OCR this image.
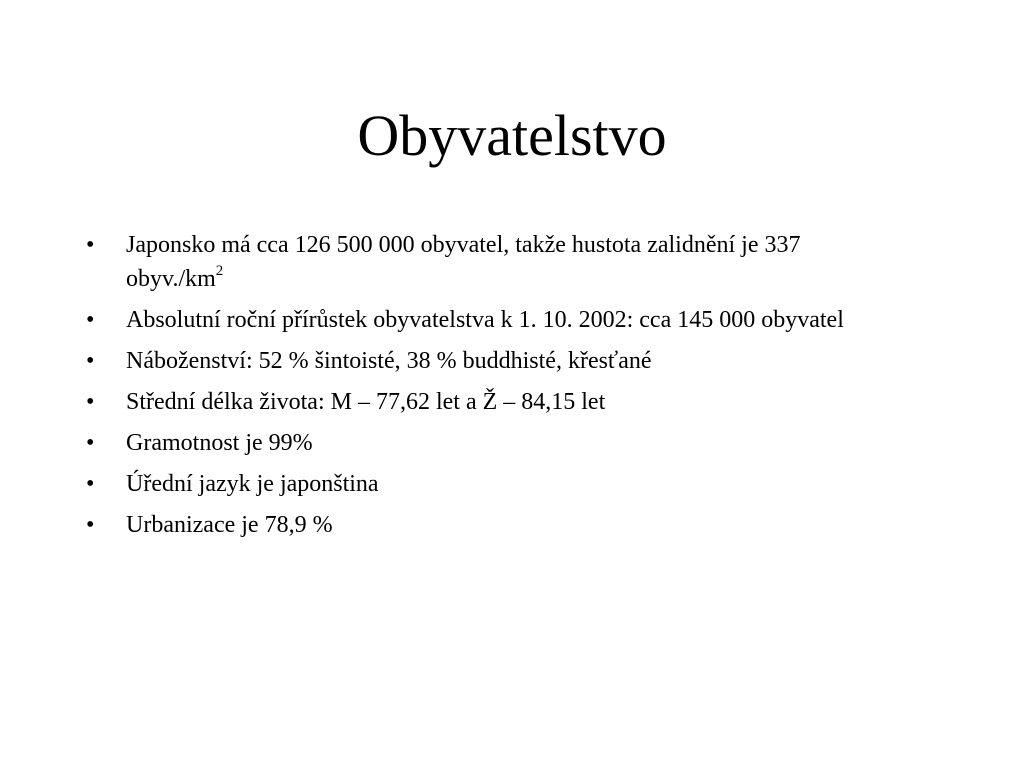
Obyvatelstvo
•	Japonsko má cca 126 500 000 obyvatel, takže hustota zalidnění je 337 $obyv./km^2$
•	Absolutní roční přírůstek obyvatelstva k 1. 10. 2002: cca 145 000 obyvatel
•	Náboženství: 52 % šintoisté, 38 % buddhisté, křesťané
•	Střední délka života: M – 77,62 let a Ž – 84,15 let
•	Gramotnost je 99%
•	Úřední jazyk je japonština
•	Urbanizace je 78,9 %
